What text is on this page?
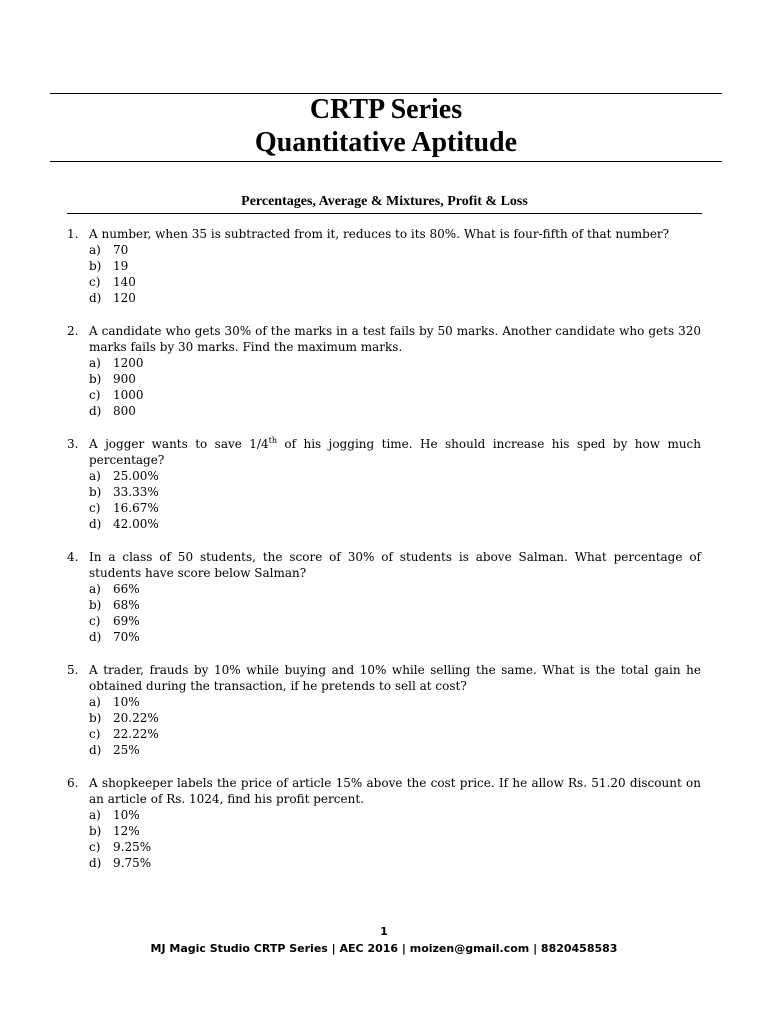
CRTP Series
Quantitative Aptitude
Percentages, Average & Mixtures, Profit & Loss
1. A number, when 35 is subtracted from it, reduces to its 80%. What is four-fifth of that number?
a) 70
b) 19
c) 140
d) 120
2. A candidate who gets 30% of the marks in a test fails by 50 marks. Another candidate who gets 320 marks fails by 30 marks. Find the maximum marks.
a) 1200
b) 900
c) 1000
d) 800
3. A jogger wants to save 1/4th of his jogging time. He should increase his sped by how much percentage?
a) 25.00%
b) 33.33%
c) 16.67%
d) 42.00%
4. In a class of 50 students, the score of 30% of students is above Salman. What percentage of students have score below Salman?
a) 66%
b) 68%
c) 69%
d) 70%
5. A trader, frauds by 10% while buying and 10% while selling the same. What is the total gain he obtained during the transaction, if he pretends to sell at cost?
a) 10%
b) 20.22%
c) 22.22%
d) 25%
6. A shopkeeper labels the price of article 15% above the cost price. If he allow Rs. 51.20 discount on an article of Rs. 1024, find his profit percent.
a) 10%
b) 12%
c) 9.25%
d) 9.75%
1
MJ Magic Studio CRTP Series | AEC 2016 | moizen@gmail.com | 8820458583
